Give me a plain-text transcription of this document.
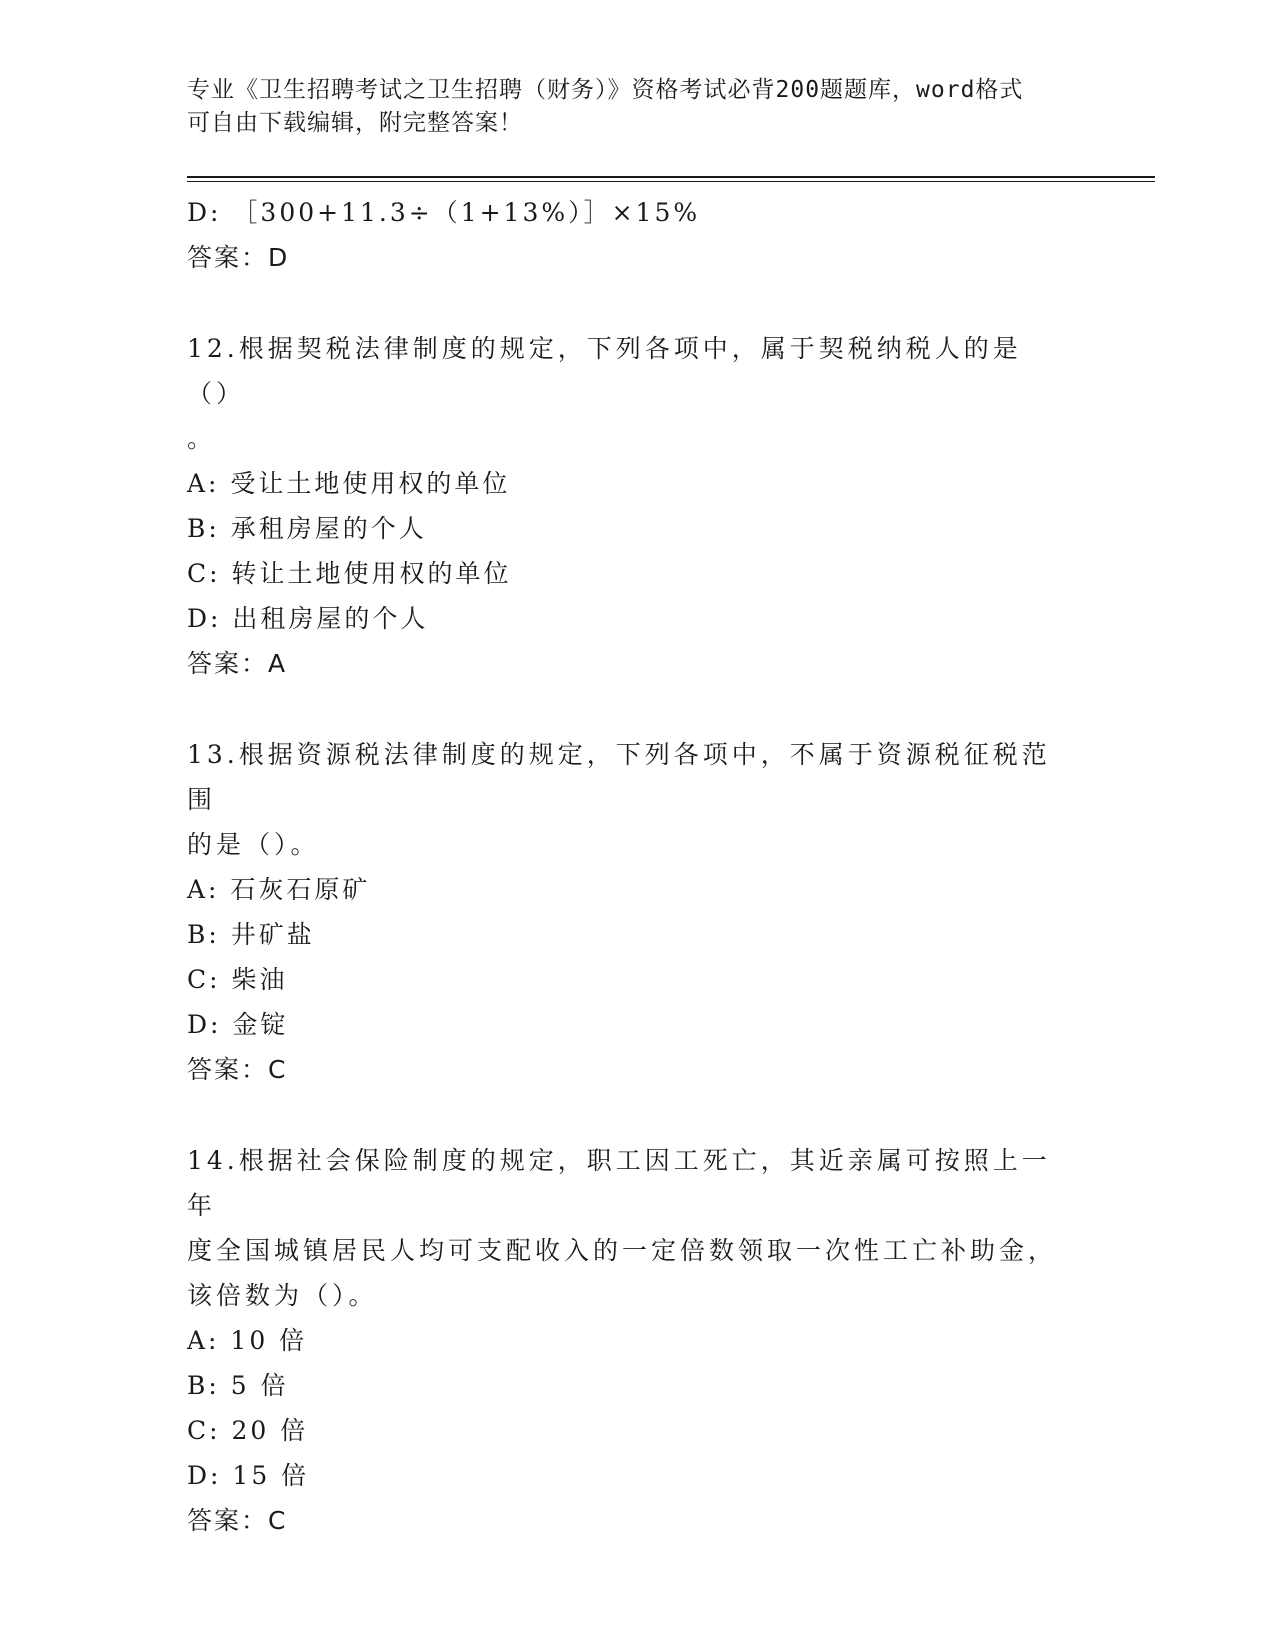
专业《卫生招聘考试之卫生招聘（财务）》资格考试必背200题题库，word格式
可自由下载编辑，附完整答案！
D: ［300+11.3÷（1+13%）］×15%
答案：D
12.根据契税法律制度的规定，下列各项中，属于契税纳税人的是（）
。
A: 受让土地使用权的单位
B: 承租房屋的个人
C: 转让土地使用权的单位
D: 出租房屋的个人
答案：A
13.根据资源税法律制度的规定，下列各项中，不属于资源税征税范围
的是（）。
A: 石灰石原矿
B: 井矿盐
C: 柴油
D: 金锭
答案：C
14.根据社会保险制度的规定，职工因工死亡，其近亲属可按照上一年
度全国城镇居民人均可支配收入的一定倍数领取一次性工亡补助金，
该倍数为（）。
A: 10 倍
B: 5 倍
C: 20 倍
D: 15 倍
答案：C
